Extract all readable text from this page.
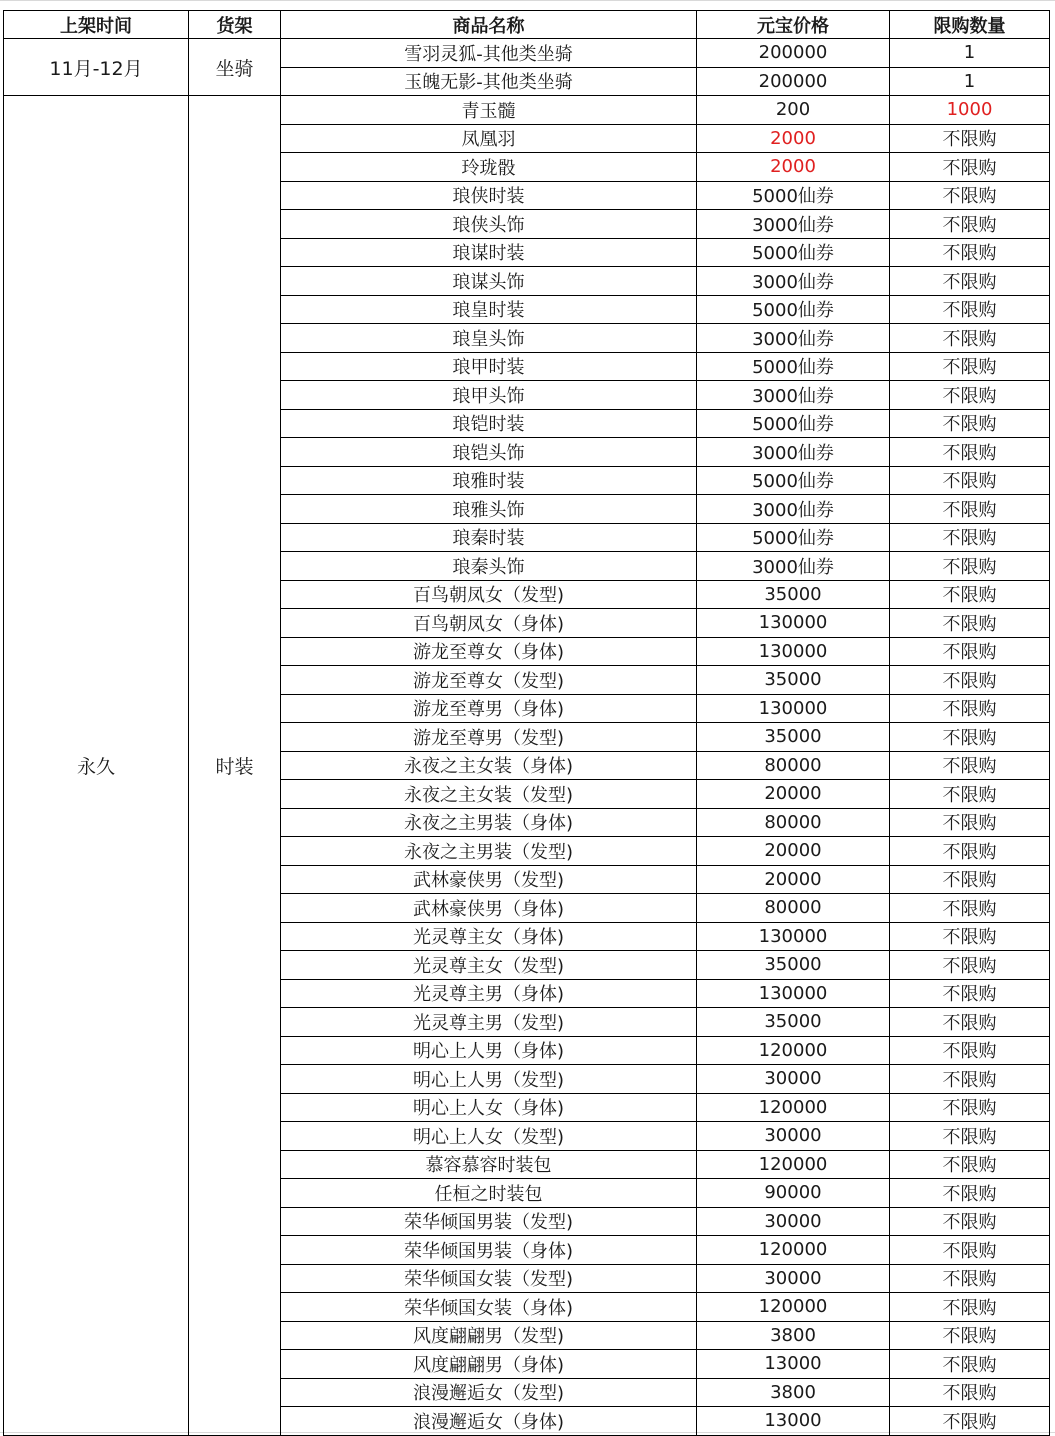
上架时间	货架	商品名称	元宝价格	限购数量
11月-12月	坐骑	雪羽灵狐-其他类坐骑	200000	1
		玉魄无影-其他类坐骑	200000	1
永久	时装	青玉髓	200	1000
		凤凰羽	2000	不限购
		玲珑骰	2000	不限购
		琅侠时装	5000仙券	不限购
		琅侠头饰	3000仙券	不限购
		琅谋时装	5000仙券	不限购
		琅谋头饰	3000仙券	不限购
		琅皇时装	5000仙券	不限购
		琅皇头饰	3000仙券	不限购
		琅甲时装	5000仙券	不限购
		琅甲头饰	3000仙券	不限购
		琅铠时装	5000仙券	不限购
		琅铠头饰	3000仙券	不限购
		琅雅时装	5000仙券	不限购
		琅雅头饰	3000仙券	不限购
		琅秦时装	5000仙券	不限购
		琅秦头饰	3000仙券	不限购
		百鸟朝凤女（发型)	35000	不限购
		百鸟朝凤女（身体)	130000	不限购
		游龙至尊女（身体)	130000	不限购
		游龙至尊女（发型)	35000	不限购
		游龙至尊男（身体)	130000	不限购
		游龙至尊男（发型)	35000	不限购
		永夜之主女装（身体)	80000	不限购
		永夜之主女装（发型)	20000	不限购
		永夜之主男装（身体)	80000	不限购
		永夜之主男装（发型)	20000	不限购
		武林豪侠男（发型)	20000	不限购
		武林豪侠男（身体)	80000	不限购
		光灵尊主女（身体)	130000	不限购
		光灵尊主女（发型)	35000	不限购
		光灵尊主男（身体)	130000	不限购
		光灵尊主男（发型)	35000	不限购
		明心上人男（身体)	120000	不限购
		明心上人男（发型)	30000	不限购
		明心上人女（身体)	120000	不限购
		明心上人女（发型)	30000	不限购
		慕容慕容时装包	120000	不限购
		任桓之时装包	90000	不限购
		荣华倾国男装（发型)	30000	不限购
		荣华倾国男装（身体)	120000	不限购
		荣华倾国女装（发型)	30000	不限购
		荣华倾国女装（身体)	120000	不限购
		风度翩翩男（发型)	3800	不限购
		风度翩翩男（身体)	13000	不限购
		浪漫邂逅女（发型)	3800	不限购
		浪漫邂逅女（身体)	13000	不限购
